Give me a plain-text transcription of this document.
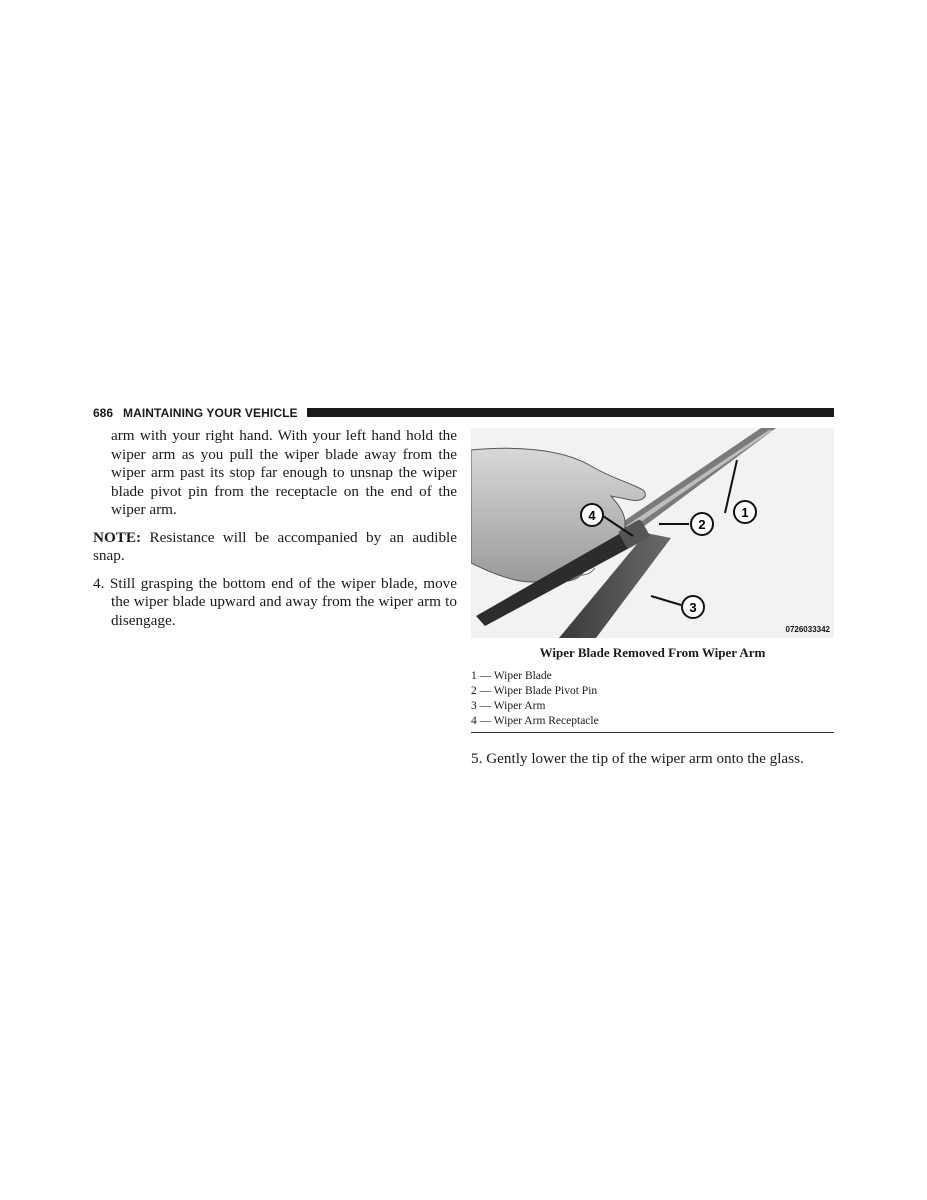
686 MAINTAINING YOUR VEHICLE

arm with your right hand. With your left hand hold the wiper arm as you pull the wiper blade away from the wiper arm past its stop far enough to unsnap the wiper blade pivot pin from the receptacle on the end of the wiper arm.

NOTE: Resistance will be accompanied by an audible snap.

4. Still grasping the bottom end of the wiper blade, move the wiper blade upward and away from the wiper arm to disengage.

1
2
3
4
0726033342
Wiper Blade Removed From Wiper Arm
1 — Wiper Blade
2 — Wiper Blade Pivot Pin
3 — Wiper Arm
4 — Wiper Arm Receptacle
5. Gently lower the tip of the wiper arm onto the glass.
